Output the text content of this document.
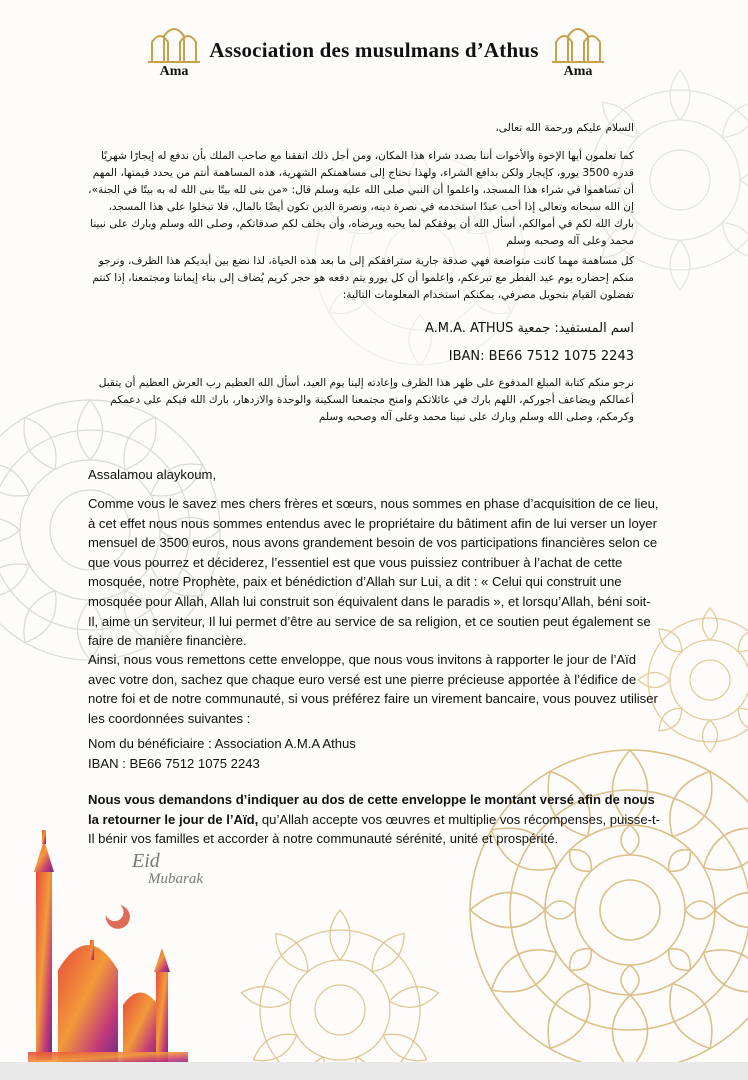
Ama
Association des musulmans d’Athus
Ama
السلام عليكم ورحمة الله تعالى،
كما تعلمون أيها الإخوة والأخوات أننا بصدد شراء هذا المكان، ومن أجل ذلك اتفقنا مع صاحب الملك بأن ندفع له إيجارًا شهريًا قدره 3500 يورو، كإيجار ولكن بدافع الشراء، ولهذا نحتاج إلى مساهمتكم الشهرية، هذه المساهمة أنتم من يحدد قيمتها، المهم أن تساهموا في شراء هذا المسجد، واعلموا أن النبي صلى الله عليه وسلم قال: «من بنى لله بيتًا بنى الله له به بيتًا في الجنة»، إن الله سبحانه وتعالى إذا أحب عبدًا استخدمه في نصرة دينه، ونصرة الدين تكون أيضًا بالمال، فلا تبخلوا على هذا المسجد، بارك الله لكم في أموالكم، أسأل الله أن يوفقكم لما يحبه ويرضاه، وأن يخلف لكم صدقاتكم، وصلى الله وسلم وبارك على نبينا محمد وعلى آله وصحبه وسلم
كل مساهمة مهما كانت متواضعة فهي صدقة جارية سترافقكم إلى ما بعد هذه الحياة، لذا نضع بين أيديكم هذا الظرف، ونرجو منكم إحضاره يوم عيد الفطر مع تبرعكم، واعلموا أن كل يورو يتم دفعه هو حجر كريم يُضاف إلى بناء إيماننا ومجتمعنا، إذا كنتم تفضلون القيام بتحويل مصرفي، يمكنكم استخدام المعلومات التالية:
اسم المستفيد: جمعية A.M.A. ATHUS
IBAN: BE66 7512 1075 2243
نرجو منكم كتابة المبلغ المدفوع على ظهر هذا الظرف وإعادته إلينا يوم العيد، أسأل الله العظيم رب العرش العظيم أن يتقبل أعمالكم ويضاعف أجوركم، اللهم بارك في عائلاتكم وامنح مجتمعنا السكينة والوحدة والازدهار، بارك الله فيكم على دعمكم وكرمكم، وصلى الله وسلم وبارك على نبينا محمد وعلى آله وصحبه وسلم
Assalamou alaykoum,
Comme vous le savez mes chers frères et sœurs, nous sommes en phase d’acquisition de ce lieu, à cet effet nous nous sommes entendus avec le propriétaire du bâtiment afin de lui verser un loyer mensuel de 3500 euros, nous avons grandement besoin de vos participations financières selon ce que vous pourrez et déciderez, l’essentiel est que vous puissiez contribuer à l’achat de cette mosquée, notre Prophète, paix et bénédiction d’Allah sur Lui, a dit : « Celui qui construit une mosquée pour Allah, Allah lui construit son équivalent dans le paradis », et lorsqu’Allah, béni soit-Il, aime un serviteur, Il lui permet d’être au service de sa religion, et ce soutien peut également se faire de manière financière.
Ainsi, nous vous remettons cette enveloppe, que nous vous invitons à rapporter le jour de l’Aïd avec votre don, sachez que chaque euro versé est une pierre précieuse apportée à l’édifice de notre foi et de notre communauté, si vous préférez faire un virement bancaire, vous pouvez utiliser les coordonnées suivantes :

Nom du bénéficiaire : Association A.M.A Athus

IBAN : BE66 7512 1075 2243

Nous vous demandons d’indiquer au dos de cette enveloppe le montant versé afin de nous la retourner le jour de l’Aïd, qu’Allah accepte vos œuvres et multiplie vos récompenses, puisse-t-Il bénir vos familles et accorder à notre communauté sérénité, unité et prospérité.
Eid
Mubarak
